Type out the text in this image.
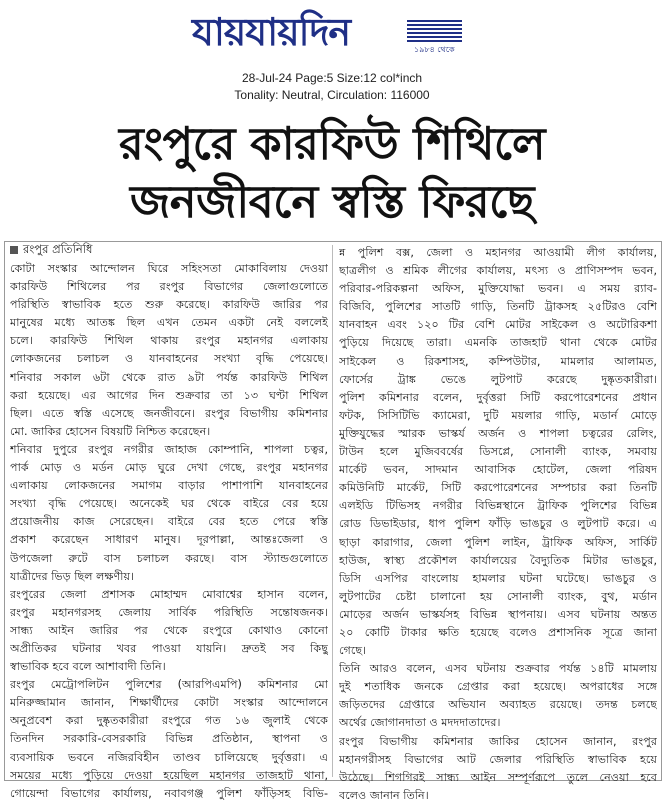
যায়যায়দিন	১৯৮৪ থেকে
28-Jul-24 Page:5 Size:12 col*inch
Tonality: Neutral, Circulation: 116000
রংপুরে কারফিউ শিথিলে
জনজীবনে স্বস্তি ফিরছে
রংপুর প্রতিনিধি
কোটা সংস্কার আন্দোলন ঘিরে সহিংসতা মোকাবিলায় দেওয়া
কারফিউ শিথিলের পর রংপুর বিভাগের জেলাগুলোতে
পরিস্থিতি স্বাভাবিক হতে শুরু করেছে। কারফিউ জারির পর
মানুষের মধ্যে আতঙ্ক ছিল এখন তেমন একটা নেই বললেই
চলে। কারফিউ শিথিল থাকায় রংপুর মহানগর এলাকায়
লোকজনের চলাচল ও যানবাহনের সংখ্যা বৃদ্ধি পেয়েছে।
শনিবার সকাল ৬টা থেকে রাত ৯টা পর্যন্ত কারফিউ শিথিল
করা হয়েছে। এর আগের দিন শুক্রবার তা ১৩ ঘণ্টা শিথিল
ছিল। এতে স্বস্তি এসেছে জনজীবনে। রংপুর বিভাগীয় কমিশনার
মো. জাকির হোসেন বিষয়টি নিশ্চিত করেছেন।
শনিবার দুপুরে রংপুর নগরীর জাহাজ কোম্পানি, শাপলা চত্বর,
পার্ক মোড় ও মর্ডন মোড় ঘুরে দেখা গেছে, রংপুর মহানগর
এলাকায় লোকজনের সমাগম বাড়ার পাশাপাশি যানবাহনের
সংখ্যা বৃদ্ধি পেয়েছে। অনেকেই ঘর থেকে বাইরে বের হয়ে
প্রয়োজনীয় কাজ সেরেছেন। বাইরে বের হতে পেরে স্বস্তি
প্রকাশ করেছেন সাধারণ মানুষ। দূরপাল্লা, আন্তঃজেলা ও
উপজেলা রুটে বাস চলাচল করছে। বাস স্ট্যান্ডগুলোতে
যাত্রীদের ভিড় ছিল লক্ষণীয়।
রংপুরের জেলা প্রশাসক মোহাম্মদ মোবাশ্বের হাসান বলেন,
রংপুর মহানগরসহ জেলায় সার্বিক পরিস্থিতি সন্তোষজনক।
সান্ধ্য আইন জারির পর থেকে রংপুরে কোথাও কোনো
অপ্রীতিকর ঘটনার খবর পাওয়া যায়নি। দ্রুতই সব কিছু
স্বাভাবিক হবে বলে আশাবাদী তিনি।
রংপুর মেট্রোপলিটন পুলিশের (আরপিএমপি) কমিশনার মো
মনিরুজ্জামান জানান, শিক্ষার্থীদের কোটা সংস্কার আন্দোলনে
অনুপ্রবেশ করা দুষ্কৃতকারীরা রংপুরে গত ১৬ জুলাই থেকে
তিনদিন সরকারি-বেসরকারি বিভিন্ন প্রতিষ্ঠান, স্থাপনা ও
ব্যবসায়িক ভবনে নজিরবিহীন তাণ্ডব চালিয়েছে দুর্বৃত্তরা। এ
সময়ের মধ্যে পুড়িয়ে দেওয়া হয়েছিল মহানগর তাজহাট থানা,
গোয়েন্দা বিভাগের কার্যালয়, নবাবগঞ্জ পুলিশ ফাঁড়িসহ বিভি-
ন্ন পুলিশ বক্স, জেলা ও মহানগর আওয়ামী লীগ কার্যালয়,
ছাত্রলীগ ও শ্রমিক লীগের কার্যালয়, মৎস্য ও প্রাণিসম্পদ ভবন,
পরিবার-পরিকল্পনা অফিস, মুক্তিযোদ্ধা ভবন। এ সময় র‍্যাব-
বিজিবি, পুলিশের সাতটি গাড়ি, তিনটি ট্রাকসহ ২৫টিরও বেশি
যানবাহন এবং ১২০ টির বেশি মোটর সাইকেল ও অটোরিকশা
পুড়িয়ে দিয়েছে তারা। এমনকি তাজহাট থানা থেকে মোটর
সাইকেল ও রিকশাসহ, কম্পিউটার, মামলার আলামত,
ফোর্সের ট্রাঙ্ক ভেঙে লুটপাট করেছে দুষ্কৃতকারীরা।
পুলিশ কমিশনার বলেন, দুর্বৃত্তরা সিটি করপোরেশনের প্রধান
ফটক, সিসিটিভি ক্যামেরা, দুটি ময়লার গাড়ি, মডার্ন মোড়ে
মুক্তিযুদ্ধের স্মারক ভাস্কর্য অর্জন ও শাপলা চত্বরের রেলিং,
টাউন হলে মুজিববর্ষের ডিসপ্লে, সোনালী ব্যাংক, সমবায়
মার্কেট ভবন, সাদমান আবাসিক হোটেল, জেলা পরিষদ
কমিউনিটি মার্কেট, সিটি করপোরেশনের সম্পচার করা তিনটি
এলইডি টিভিসহ নগরীর বিভিন্নস্থানে ট্রাফিক পুলিশের বিভিন্ন
রোড ডিভাইডার, ধাপ পুলিশ ফাঁড়ি ভাঙচুর ও লুটপাট করে। এ
ছাড়া কারাগার, জেলা পুলিশ লাইন, ট্রাফিক অফিস, সার্কিট
হাউজ, স্বাস্থ্য প্রকৌশল কার্যালয়ের বৈদ্যুতিক মিটার ভাঙচুর,
ডিসি এসপির বাংলোয় হামলার ঘটনা ঘটেছে। ভাঙচুর ও
লুটপাটের চেষ্টা চালানো হয় সোনালী ব্যাংক, বুথ, মর্ডান
মোড়ের অর্জন ভাস্কর্যসহ বিভিন্ন স্থাপনায়। এসব ঘটনায় অন্তত
২০ কোটি টাকার ক্ষতি হয়েছে বলেও প্রশাসনিক সূত্রে জানা
গেছে।
তিনি আরও বলেন, এসব ঘটনায় শুক্রবার পর্যন্ত ১৪টি মামলায়
দুই শতাধিক জনকে গ্রেপ্তার করা হয়েছে। অপরাধের সঙ্গে
জড়িতদের গ্রেপ্তারে অভিযান অব্যাহত রয়েছে। তদন্ত চলছে
অর্থের জোগানদাতা ও মদদদাতাদের।
রংপুর বিভাগীয় কমিশনার জাকির হোসেন জানান, রংপুর
মহানগরীসহ বিভাগের আট জেলার পরিস্থিতি স্বাভাবিক হয়ে
উঠেছে। শিগগিরই সান্ধ্য আইন সম্পূর্ণরূপে তুলে নেওয়া হবে
বলেও জানান তিনি।
